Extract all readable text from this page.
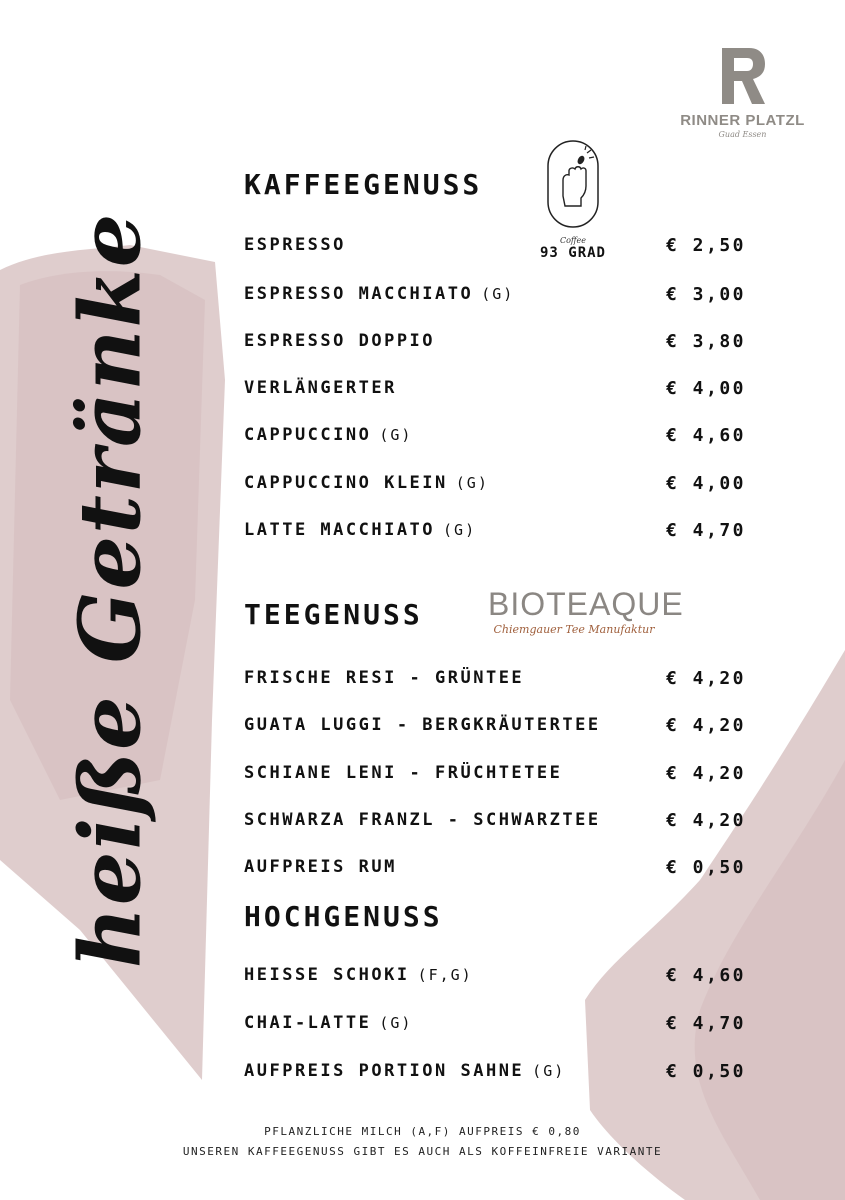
RINNER PLATZL
Guad Essen
heiße Getränke	Coffee
93 GRAD
BIOTEAQUE
Chiemgauer Tee Manufaktur
KAFFEEGENUSS
ESPRESSO	€ 2,50
ESPRESSO MACCHIATO (G)	€ 3,00
ESPRESSO DOPPIO	€ 3,80
VERLÄNGERTER	€ 4,00
CAPPUCCINO (G)	€ 4,60
CAPPUCCINO KLEIN (G)	€ 4,00
LATTE MACCHIATO (G)	€ 4,70
TEEGENUSS
FRISCHE RESI - GRÜNTEE	€ 4,20
GUATA LUGGI - BERGKRÄUTERTEE	€ 4,20
SCHIANE LENI - FRÜCHTETEE	€ 4,20
SCHWARZA FRANZL - SCHWARZTEE	€ 4,20
AUFPREIS RUM	€ 0,50
HOCHGENUSS
HEISSE SCHOKI (F,G)	€ 4,60
CHAI-LATTE (G)	€ 4,70
AUFPREIS PORTION SAHNE (G)	€ 0,50
PFLANZLICHE MILCH (A,F) AUFPREIS € 0,80
UNSEREN KAFFEEGENUSS GIBT ES AUCH ALS KOFFEINFREIE VARIANTE
